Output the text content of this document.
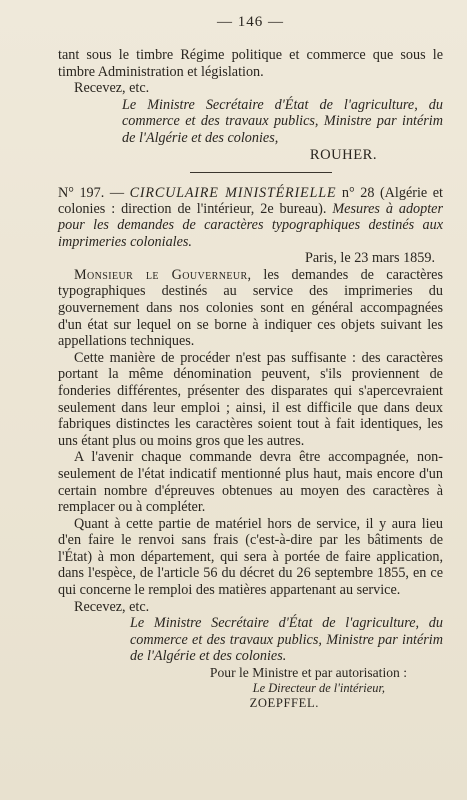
— 146 —

tant sous le timbre Régime politique et commerce que sous le timbre Administration et législation.

Recevez, etc.

Le Ministre Secrétaire d'État de l'agriculture, du commerce et des travaux publics, Ministre par intérim de l'Algérie et des colonies,

ROUHER.

N° 197. — CIRCULAIRE MINISTÉRIELLE n° 28 (Algérie et colonies : direction de l'intérieur, 2e bureau). Mesures à adopter pour les demandes de caractères typographiques destinés aux imprimeries coloniales.

Paris, le 23 mars 1859.

Monsieur le Gouverneur, les demandes de caractères typographiques destinés au service des imprimeries du gouvernement dans nos colonies sont en général accompagnées d'un état sur lequel on se borne à indiquer ces objets suivant les appellations techniques.

Cette manière de procéder n'est pas suffisante : des caractères portant la même dénomination peuvent, s'ils proviennent de fonderies différentes, présenter des disparates qui s'apercevraient seulement dans leur emploi ; ainsi, il est difficile que dans deux fabriques distinctes les caractères soient tout à fait identiques, les uns étant plus ou moins gros que les autres.

A l'avenir chaque commande devra être accompagnée, non-seulement de l'état indicatif mentionné plus haut, mais encore d'un certain nombre d'épreuves obtenues au moyen des caractères à remplacer ou à compléter.

Quant à cette partie de matériel hors de service, il y aura lieu d'en faire le renvoi sans frais (c'est-à-dire par les bâtiments de l'État) à mon département, qui sera à portée de faire application, dans l'espèce, de l'article 56 du décret du 26 septembre 1855, en ce qui concerne le remploi des matières appartenant au service.

Recevez, etc.

Le Ministre Secrétaire d'État de l'agriculture, du commerce et des travaux publics, Ministre par intérim de l'Algérie et des colonies.

Pour le Ministre et par autorisation :

Le Directeur de l'intérieur,

ZOEPFFEL.
